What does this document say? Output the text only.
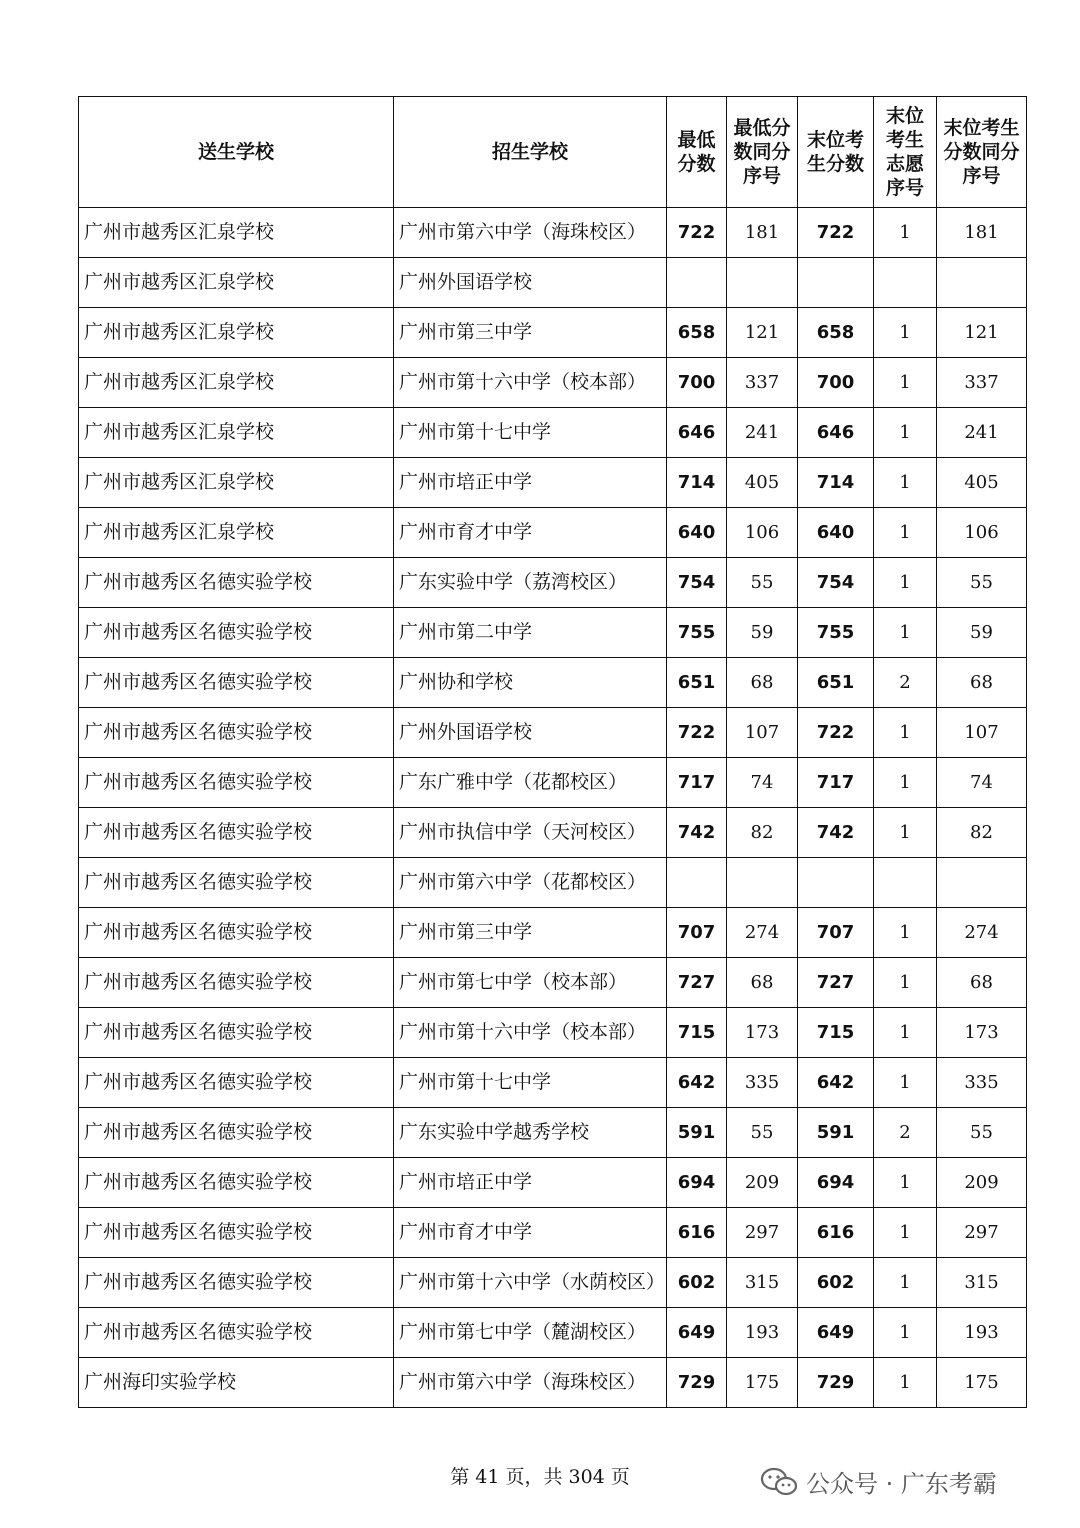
送生学校	招生学校	最低分数	最低分数同分序号	末位考生分数	末位考生志愿序号	末位考生分数同分序号

广州市越秀区汇泉学校	广州市第六中学（海珠校区）	722	181	722	1	181
广州市越秀区汇泉学校	广州外国语学校					
广州市越秀区汇泉学校	广州市第三中学	658	121	658	1	121
广州市越秀区汇泉学校	广州市第十六中学（校本部）	700	337	700	1	337
广州市越秀区汇泉学校	广州市第十七中学	646	241	646	1	241
广州市越秀区汇泉学校	广州市培正中学	714	405	714	1	405
广州市越秀区汇泉学校	广州市育才中学	640	106	640	1	106
广州市越秀区名德实验学校	广东实验中学（荔湾校区）	754	55	754	1	55
广州市越秀区名德实验学校	广州市第二中学	755	59	755	1	59
广州市越秀区名德实验学校	广州协和学校	651	68	651	2	68
广州市越秀区名德实验学校	广州外国语学校	722	107	722	1	107
广州市越秀区名德实验学校	广东广雅中学（花都校区）	717	74	717	1	74
广州市越秀区名德实验学校	广州市执信中学（天河校区）	742	82	742	1	82
广州市越秀区名德实验学校	广州市第六中学（花都校区）					
广州市越秀区名德实验学校	广州市第三中学	707	274	707	1	274
广州市越秀区名德实验学校	广州市第七中学（校本部）	727	68	727	1	68
广州市越秀区名德实验学校	广州市第十六中学（校本部）	715	173	715	1	173
广州市越秀区名德实验学校	广州市第十七中学	642	335	642	1	335
广州市越秀区名德实验学校	广东实验中学越秀学校	591	55	591	2	55
广州市越秀区名德实验学校	广州市培正中学	694	209	694	1	209
广州市越秀区名德实验学校	广州市育才中学	616	297	616	1	297
广州市越秀区名德实验学校	广州市第十六中学（水荫校区）	602	315	602	1	315
广州市越秀区名德实验学校	广州市第七中学（麓湖校区）	649	193	649	1	193
广州海印实验学校	广州市第六中学（海珠校区）	729	175	729	1	175
第 41 页，共 304 页	公众号 · 广东考霸
